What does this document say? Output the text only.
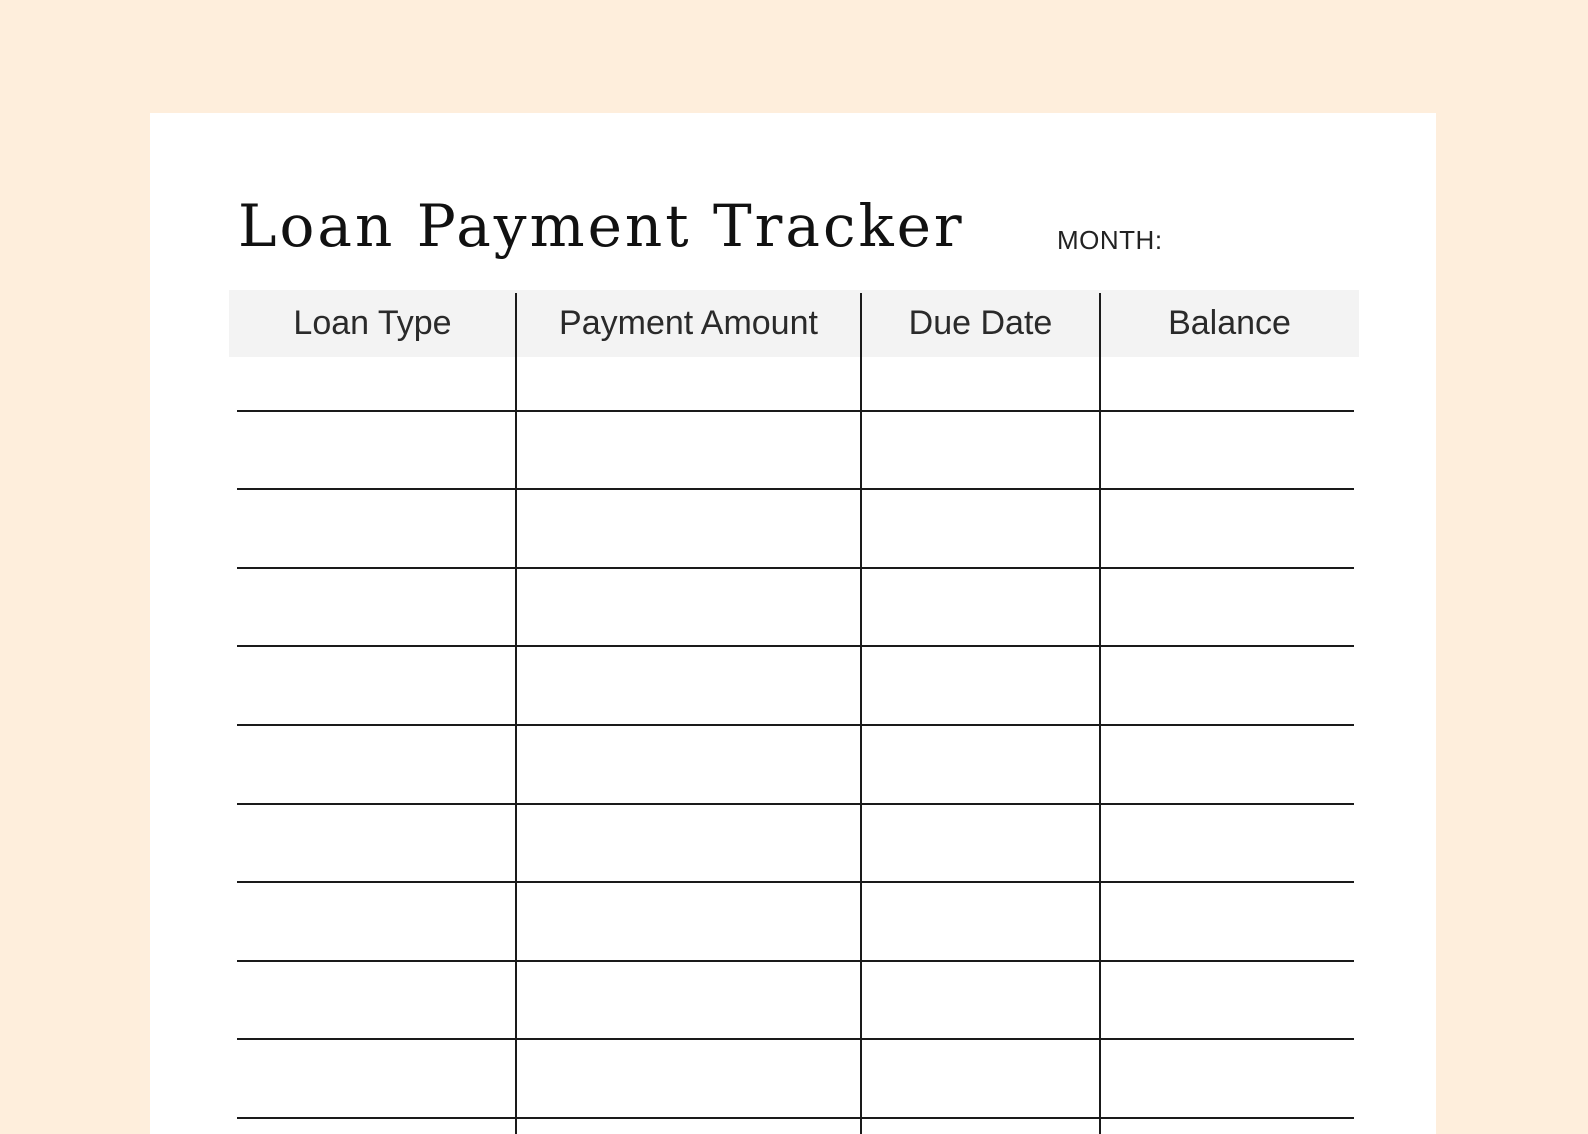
Loan Payment Tracker	MONTH:
Loan Type	Payment Amount	Due Date	Balance
